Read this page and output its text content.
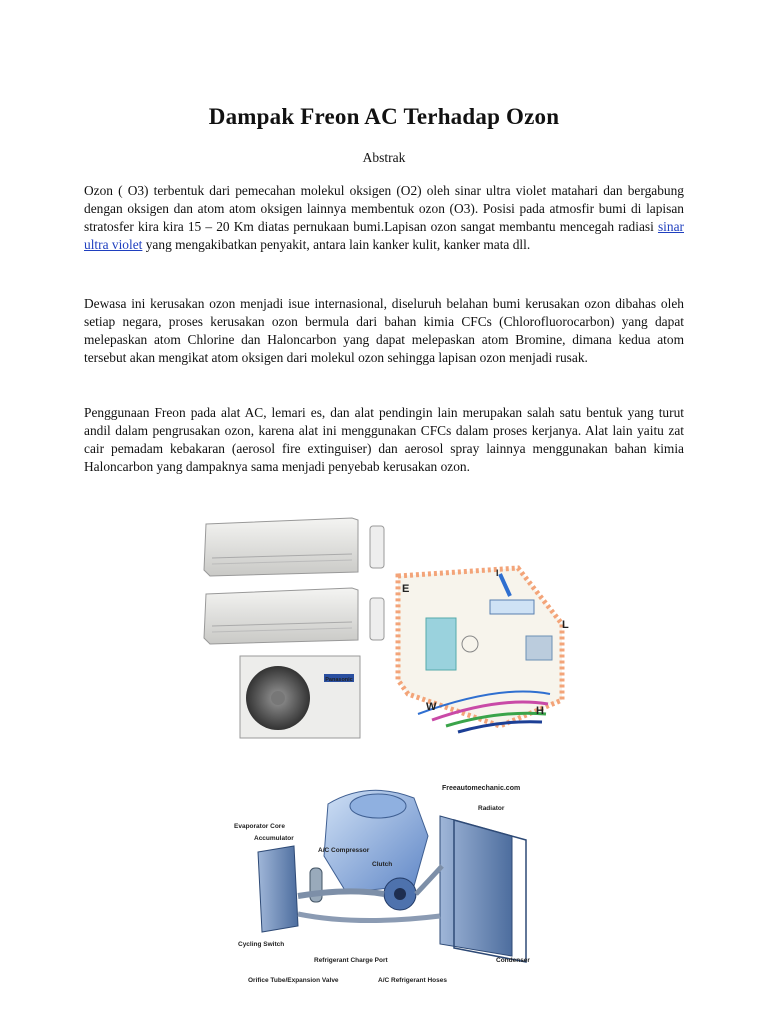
Dampak Freon AC Terhadap Ozon
Abstrak

Ozon ( O3) terbentuk dari pemecahan molekul oksigen (O2) oleh sinar ultra violet matahari dan bergabung dengan oksigen dan atom atom oksigen lainnya membentuk ozon (O3). Posisi pada atmosfir bumi di lapisan stratosfer kira kira 15 – 20 Km diatas pernukaan bumi.Lapisan ozon sangat membantu mencegah radiasi sinar ultra violet yang mengakibatkan penyakit, antara lain kanker kulit, kanker mata dll.

Dewasa ini kerusakan ozon menjadi isue internasional, diseluruh belahan bumi kerusakan ozon dibahas oleh setiap negara, proses kerusakan ozon bermula dari bahan kimia CFCs (Chlorofluorocarbon) yang dapat melepaskan atom Chlorine dan Haloncarbon yang dapat melepaskan atom Bromine, dimana kedua atom tersebut akan mengikat atom oksigen dari molekul ozon sehingga lapisan ozon menjadi rusak.

Penggunaan Freon pada alat AC, lemari es, dan alat pendingin lain merupakan salah satu bentuk yang turut andil dalam pengrusakan ozon, karena alat ini menggunakan CFCs dalam proses kerjanya. Alat lain yaitu zat cair pemadam kebakaran (aerosol fire extinguiser) dan aerosol spray lainnya menggunakan bahan kimia Haloncarbon yang dampaknya sama menjadi penyebab kerusakan ozon.

Panasonic
E
L
W	H
I
Freeautomechanic.com
Evaporator Core
Accumulator
A/C Compressor
Clutch
Radiator
Cycling Switch
Refrigerant Charge Port	Condenser
Orifice Tube/Expansion Valve	A/C Refrigerant Hoses
